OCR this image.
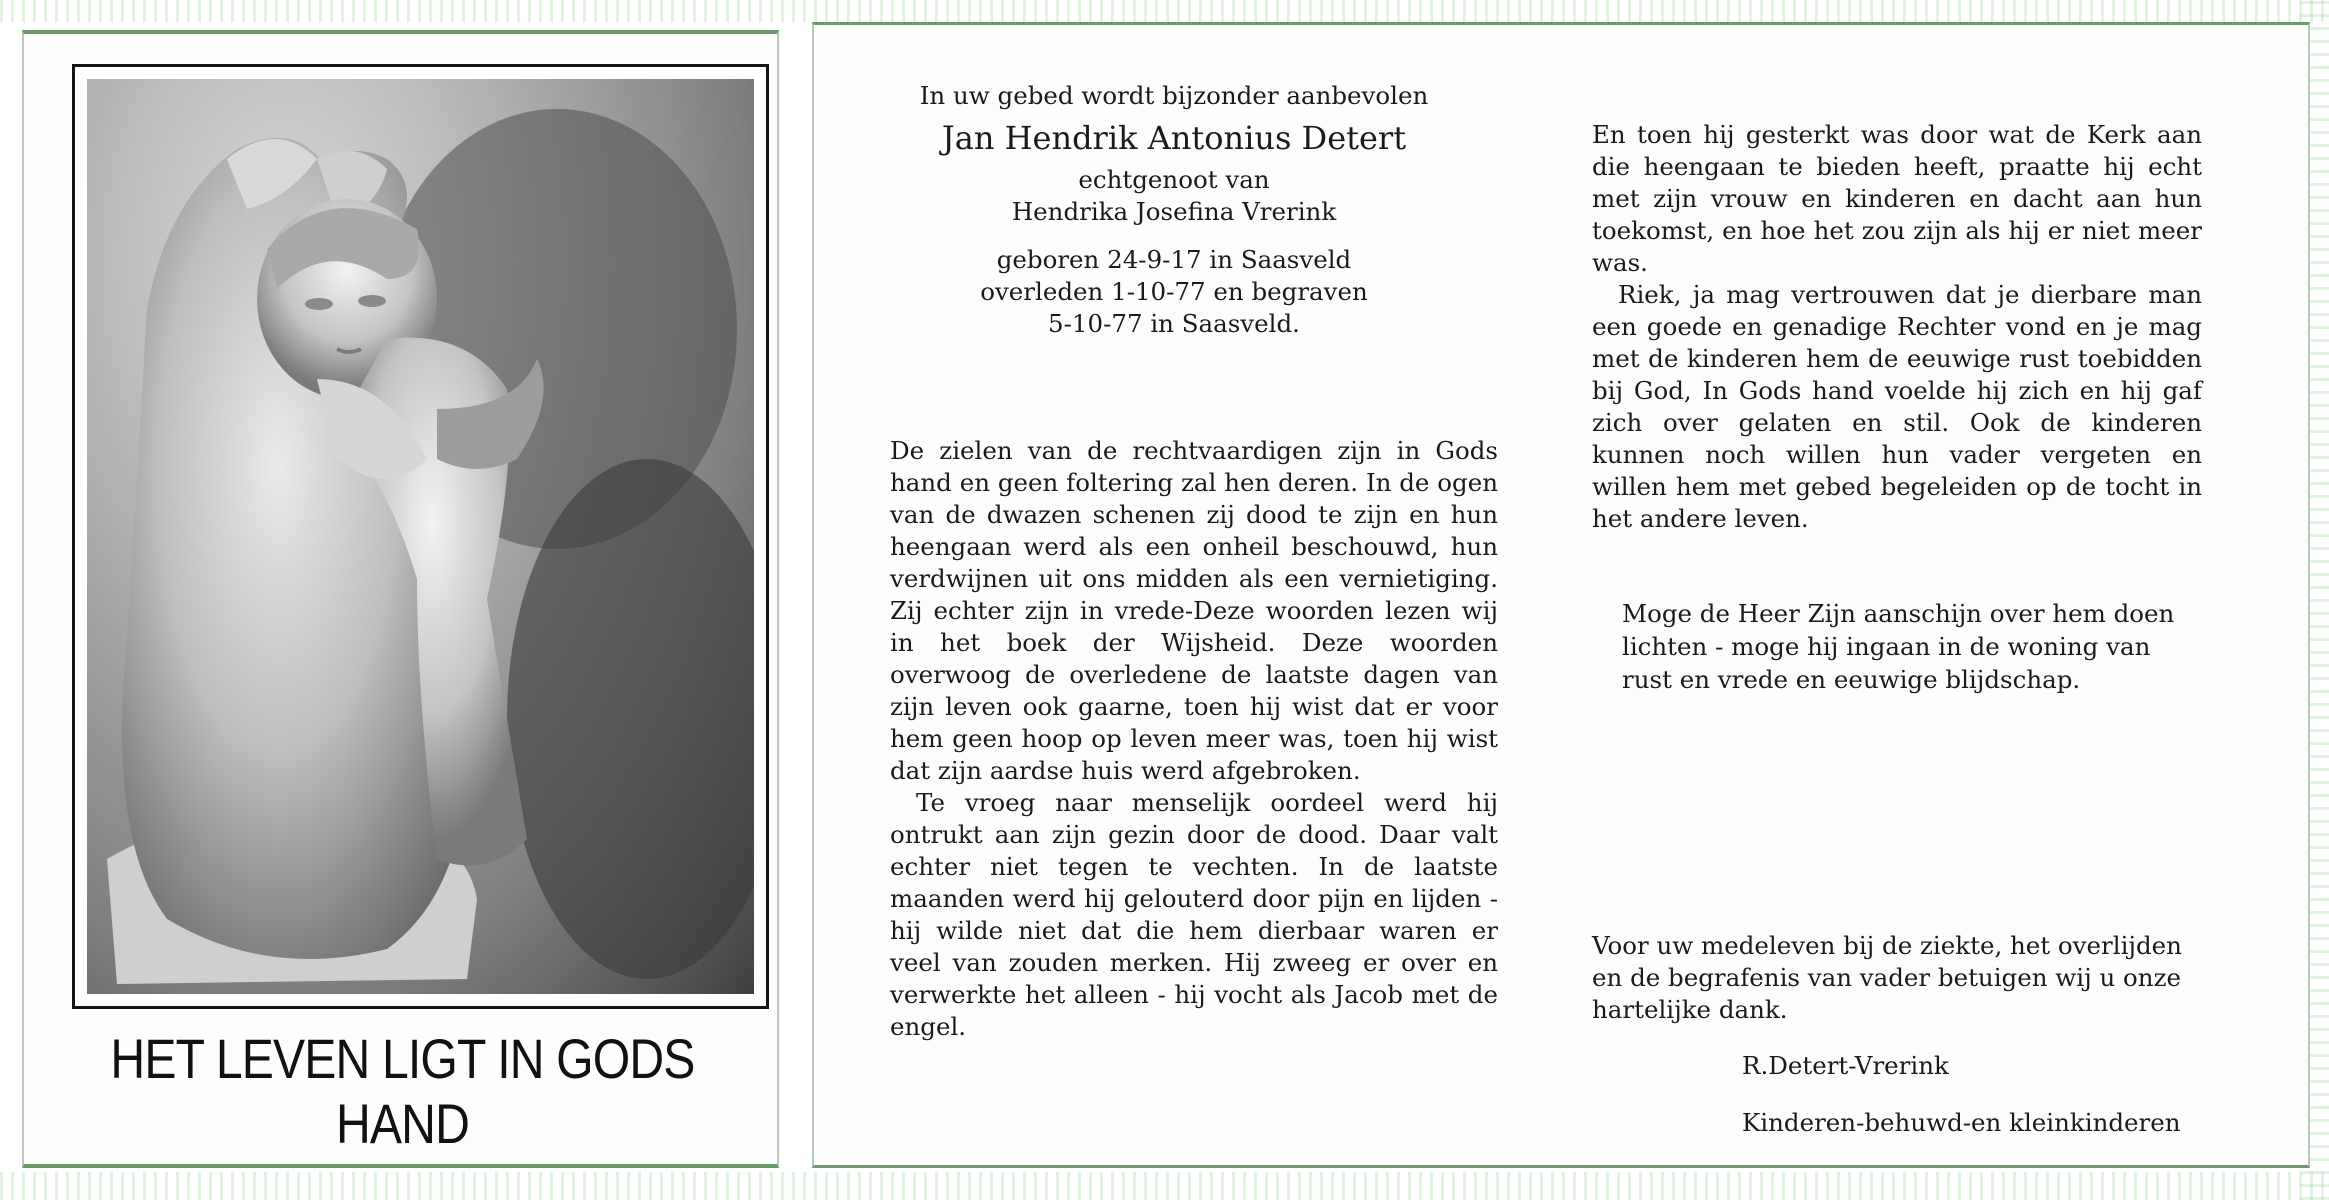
HET LEVEN LIGT IN GODS HAND

In uw gebed wordt bijzonder aanbevolen

Jan Hendrik Antonius Detert

echtgenoot van

Hendrika Josefina Vrerink

geboren 24-9-17 in Saasveld

overleden 1-10-77 en begraven

5-10-77 in Saasveld.

De zielen van de rechtvaardigen zijn in Gods hand en geen foltering zal hen deren. In de ogen van de dwazen schenen zij dood te zijn en hun heengaan werd als een onheil beschouwd, hun verdwijnen uit ons midden als een vernietiging. Zij echter zijn in vrede-Deze woorden lezen wij in het boek der Wijsheid. Deze woorden overwoog de overledene de laatste dagen van zijn leven ook gaarne, toen hij wist dat er voor hem geen hoop op leven meer was, toen hij wist dat zijn aardse huis werd afgebroken.

Te vroeg naar menselijk oordeel werd hij ontrukt aan zijn gezin door de dood. Daar valt echter niet tegen te vechten. In de laatste maanden werd hij gelouterd door pijn en lijden -hij wilde niet dat die hem dierbaar waren er veel van zouden merken. Hij zweeg er over en verwerkte het alleen - hij vocht als Jacob met de engel.

En toen hij gesterkt was door wat de Kerk aan die heengaan te bieden heeft, praatte hij echt met zijn vrouw en kinderen en dacht aan hun toekomst, en hoe het zou zijn als hij er niet meer was.

Riek, ja mag vertrouwen dat je dierbare man een goede en genadige Rechter vond en je mag met de kinderen hem de eeuwige rust toebidden bij God, In Gods hand voelde hij zich en hij gaf zich over gelaten en stil. Ook de kinderen kunnen noch willen hun vader vergeten en willen hem met gebed begeleiden op de tocht in het andere leven.

Moge de Heer Zijn aanschijn over hem doen lichten - moge hij ingaan in de woning van rust en vrede en eeuwige blijdschap.

Voor uw medeleven bij de ziekte, het overlijden en de begrafenis van vader betuigen wij u onze hartelijke dank.

R.Detert-Vrerink

Kinderen-behuwd-en kleinkinderen
